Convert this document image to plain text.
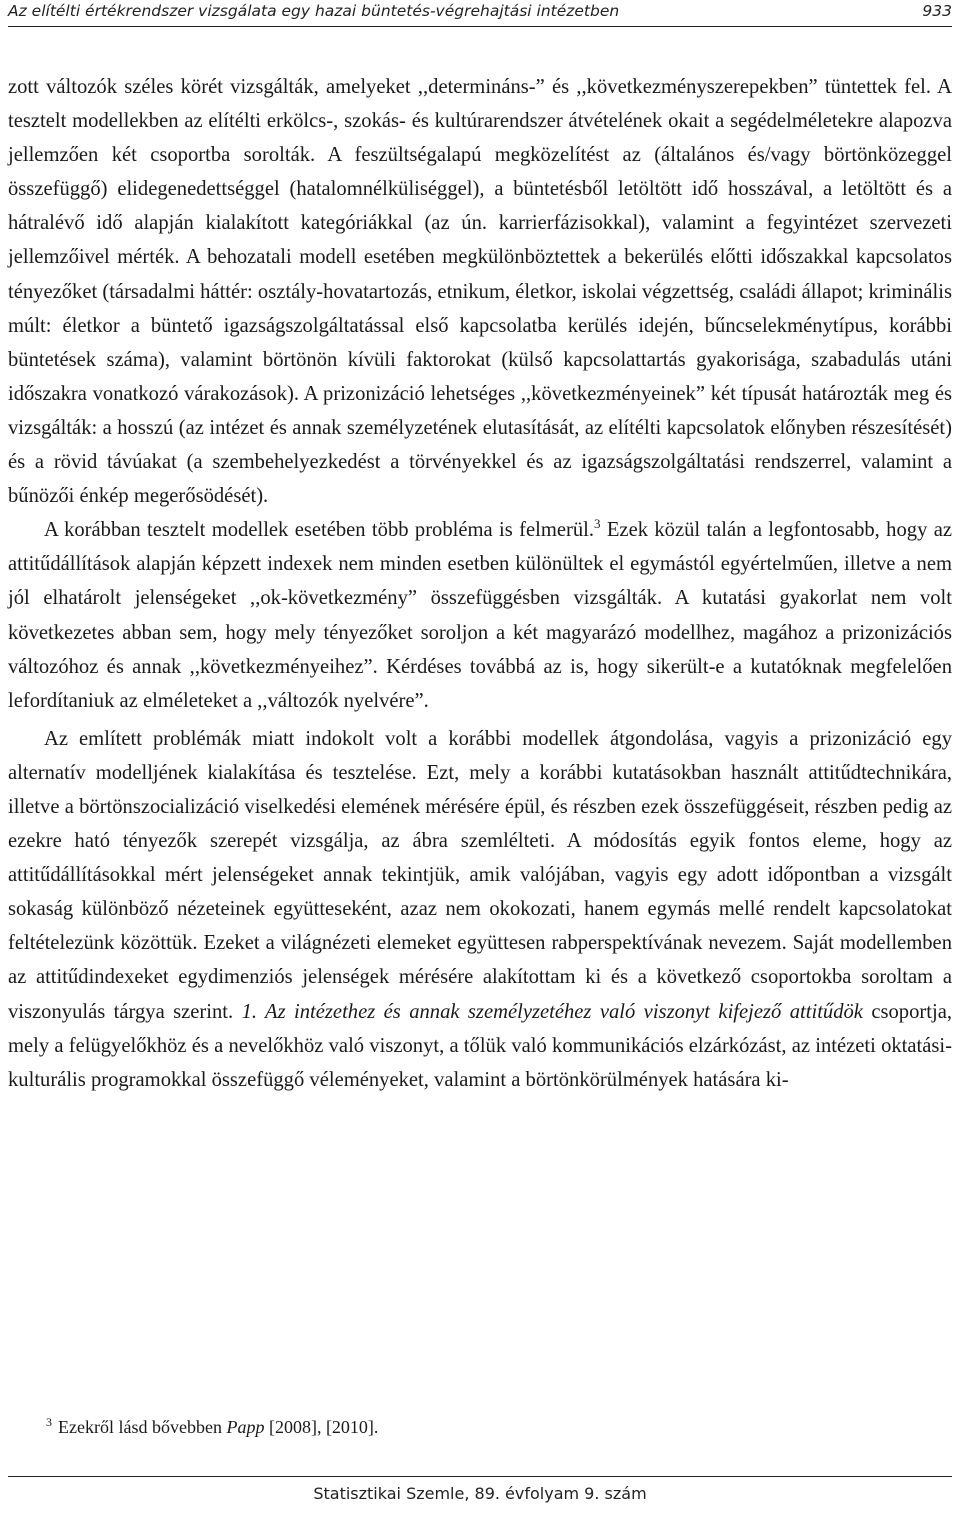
Az elítélti értékrendszer vizsgálata egy hazai büntetés-végrehajtási intézetben	933

zott változók széles körét vizsgálták, amelyeket ,,determináns-” és ,,következményszerepekben” tüntettek fel. A tesztelt modellekben az elítélti erkölcs-, szokás- és kultúrarendszer átvételének okait a segédelméletekre alapozva jellemzően két csoportba sorolták. A feszültségalapú megközelítést az (általános és/vagy börtönközeggel összefüggő) elidegenedettséggel (hatalomnélküliséggel), a büntetésből letöltött idő hosszával, a letöltött és a hátralévő idő alapján kialakított kategóriákkal (az ún. karrierfázisokkal), valamint a fegyintézet szervezeti jellemzőivel mérték. A behozatali modell esetében megkülönböztettek a bekerülés előtti időszakkal kapcsolatos tényezőket (társadalmi háttér: osztály-hovatartozás, etnikum, életkor, iskolai végzettség, családi állapot; kriminális múlt: életkor a büntető igazságszolgáltatással első kapcsolatba kerülés idején, bűncselekménytípus, korábbi büntetések száma), valamint börtönön kívüli faktorokat (külső kapcsolattartás gyakorisága, szabadulás utáni időszakra vonatkozó várakozások). A prizonizáció lehetséges ,,következményeinek” két típusát határozták meg és vizsgálták: a hosszú (az intézet és annak személyzetének elutasítását, az elítélti kapcsolatok előnyben részesítését) és a rövid távúakat (a szembehelyezkedést a törvényekkel és az igazságszolgáltatási rendszerrel, valamint a bűnözői énkép megerősödését).

A korábban tesztelt modellek esetében több probléma is felmerül.$^3$ Ezek közül talán a legfontosabb, hogy az attitűdállítások alapján képzett indexek nem minden esetben különültek el egymástól egyértelműen, illetve a nem jól elhatárolt jelenségeket ,,ok-következmény” összefüggésben vizsgálták. A kutatási gyakorlat nem volt következetes abban sem, hogy mely tényezőket soroljon a két magyarázó modellhez, magához a prizonizációs változóhoz és annak ,,következményeihez”. Kérdéses továbbá az is, hogy sikerült-e a kutatóknak megfelelően lefordítaniuk az elméleteket a ,,változók nyelvére”.

Az említett problémák miatt indokolt volt a korábbi modellek átgondolása, vagyis a prizonizáció egy alternatív modelljének kialakítása és tesztelése. Ezt, mely a korábbi kutatásokban használt attitűdtechnikára, illetve a börtönszocializáció viselkedési elemének mérésére épül, és részben ezek összefüggéseit, részben pedig az ezekre ható tényezők szerepét vizsgálja, az ábra szemlélteti. A módosítás egyik fontos eleme, hogy az attitűdállításokkal mért jelenségeket annak tekintjük, amik valójában, vagyis egy adott időpontban a vizsgált sokaság különböző nézeteinek együtteseként, azaz nem okokozati, hanem egymás mellé rendelt kapcsolatokat feltételezünk közöttük. Ezeket a világnézeti elemeket együttesen rabperspektívának nevezem. Saját modellemben az attitűdindexeket egydimenziós jelenségek mérésére alakítottam ki és a következő csoportokba soroltam a viszonyulás tárgya szerint. 1. Az intézethez és annak személyzetéhez való viszonyt kifejező attitűdök csoportja, mely a felügyelőkhöz és a nevelőkhöz való viszonyt, a tőlük való kommunikációs elzárkózást, az intézeti oktatási-kulturális programokkal összefüggő véleményeket, valamint a börtönkörülmények hatására ki-

$^3$ Ezekről lásd bővebben Papp [2008], [2010].
Statisztikai Szemle, 89. évfolyam 9. szám
